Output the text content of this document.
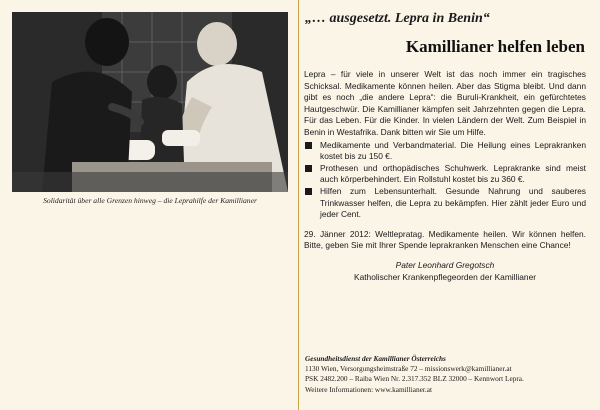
Solidarität über alle Grenzen hinweg – die Leprahilfe der Kamillianer
„… ausgesetzt. Lepra in Benin“
Kamillianer helfen leben

Lepra – für viele in unserer Welt ist das noch immer ein tragisches Schicksal. Medikamente können heilen. Aber das Stigma bleibt. Und dann gibt es noch „die andere Lepra“: die Buruli-Krankheit, ein gefürchtetes Hautgeschwür. Die Kamillianer kämpfen seit Jahrzehnten gegen die Lepra. Für das Leben. Für die Kinder. In vielen Ländern der Welt. Zum Beispiel in Benin in Westafrika. Dank bitten wir Sie um Hilfe.

Medikamente und Verbandmaterial. Die Heilung eines Leprakranken kostet bis zu 150 €.
Prothesen und orthopädisches Schuhwerk. Leprakranke sind meist auch körperbehindert. Ein Rollstuhl kostet bis zu 360 €.
Hilfen zum Lebensunterhalt. Gesunde Nahrung und sauberes Trinkwasser helfen, die Lepra zu bekämpfen. Hier zählt jeder Euro und jeder Cent.

29. Jänner 2012: Weltlepratag. Medikamente heilen. Wir können helfen. Bitte, geben Sie mit Ihrer Spende leprakranken Menschen eine Chance!

Pater Leonhard Gregotsch

Katholischer Krankenpflegeorden der Kamillianer

Gesundheitsdienst der Kamillianer Österreichs
1130 Wien, Versorgungsheimstraße 72 – missionswerk@kamillianer.at
PSK 2482.200 – Raiba Wien Nr. 2.317.352 BLZ 32000 – Kennwort Lepra.
Weitere Informationen: www.kamillianer.at
